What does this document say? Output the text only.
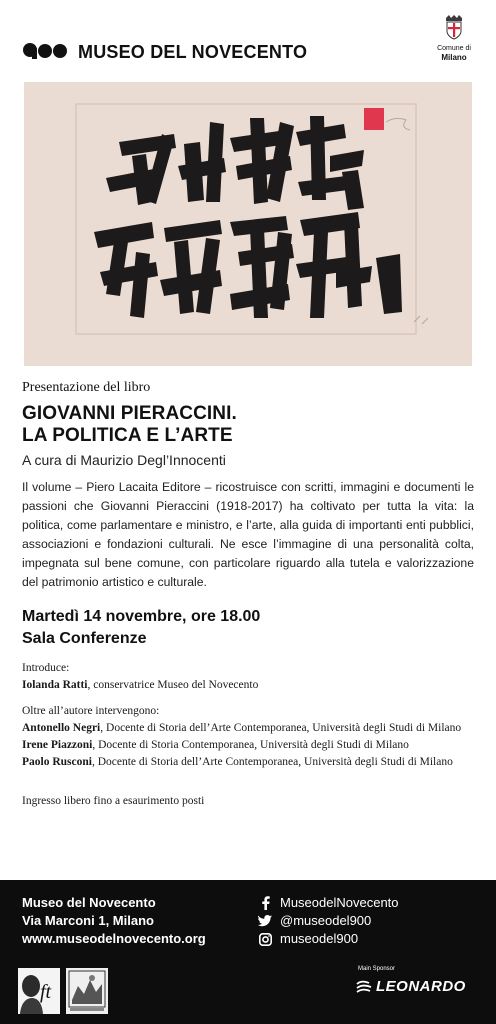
MUSEO DEL NOVECENTO	Comune di
Milano
Presentazione del libro
GIOVANNI PIERACCINI.
LA POLITICA E L’ARTE
A cura di Maurizio Degl’Innocenti
Il volume – Piero Lacaita Editore – ricostruisce con scritti, immagini e documenti le passioni che Giovanni Pieraccini (1918-2017) ha coltivato per tutta la vita: la politica, come parlamentare e ministro, e l’arte, alla guida di importanti enti pubblici, associazioni e fondazioni culturali. Ne esce l’immagine di una personalità colta, impegnata sul bene comune, con particolare riguardo alla tutela e valorizzazione del patrimonio artistico e culturale.
Martedì 14 novembre, ore 18.00
Sala Conferenze
Introduce:
Iolanda Ratti, conservatrice Museo del Novecento
Oltre all’autore intervengono:
Antonello Negri, Docente di Storia dell’Arte Contemporanea, Università degli Studi di Milano
Irene Piazzoni, Docente di Storia Contemporanea, Università degli Studi di Milano
Paolo Rusconi, Docente di Storia dell’Arte Contemporanea, Università degli Studi di Milano
Ingresso libero fino a esaurimento posti
Museo del Novecento
Via Marconi 1, Milano
www.museodelnovecento.org
MuseodelNovecento
@museodel900
museodel900
ft
Main Sponsor
LEONARDO
